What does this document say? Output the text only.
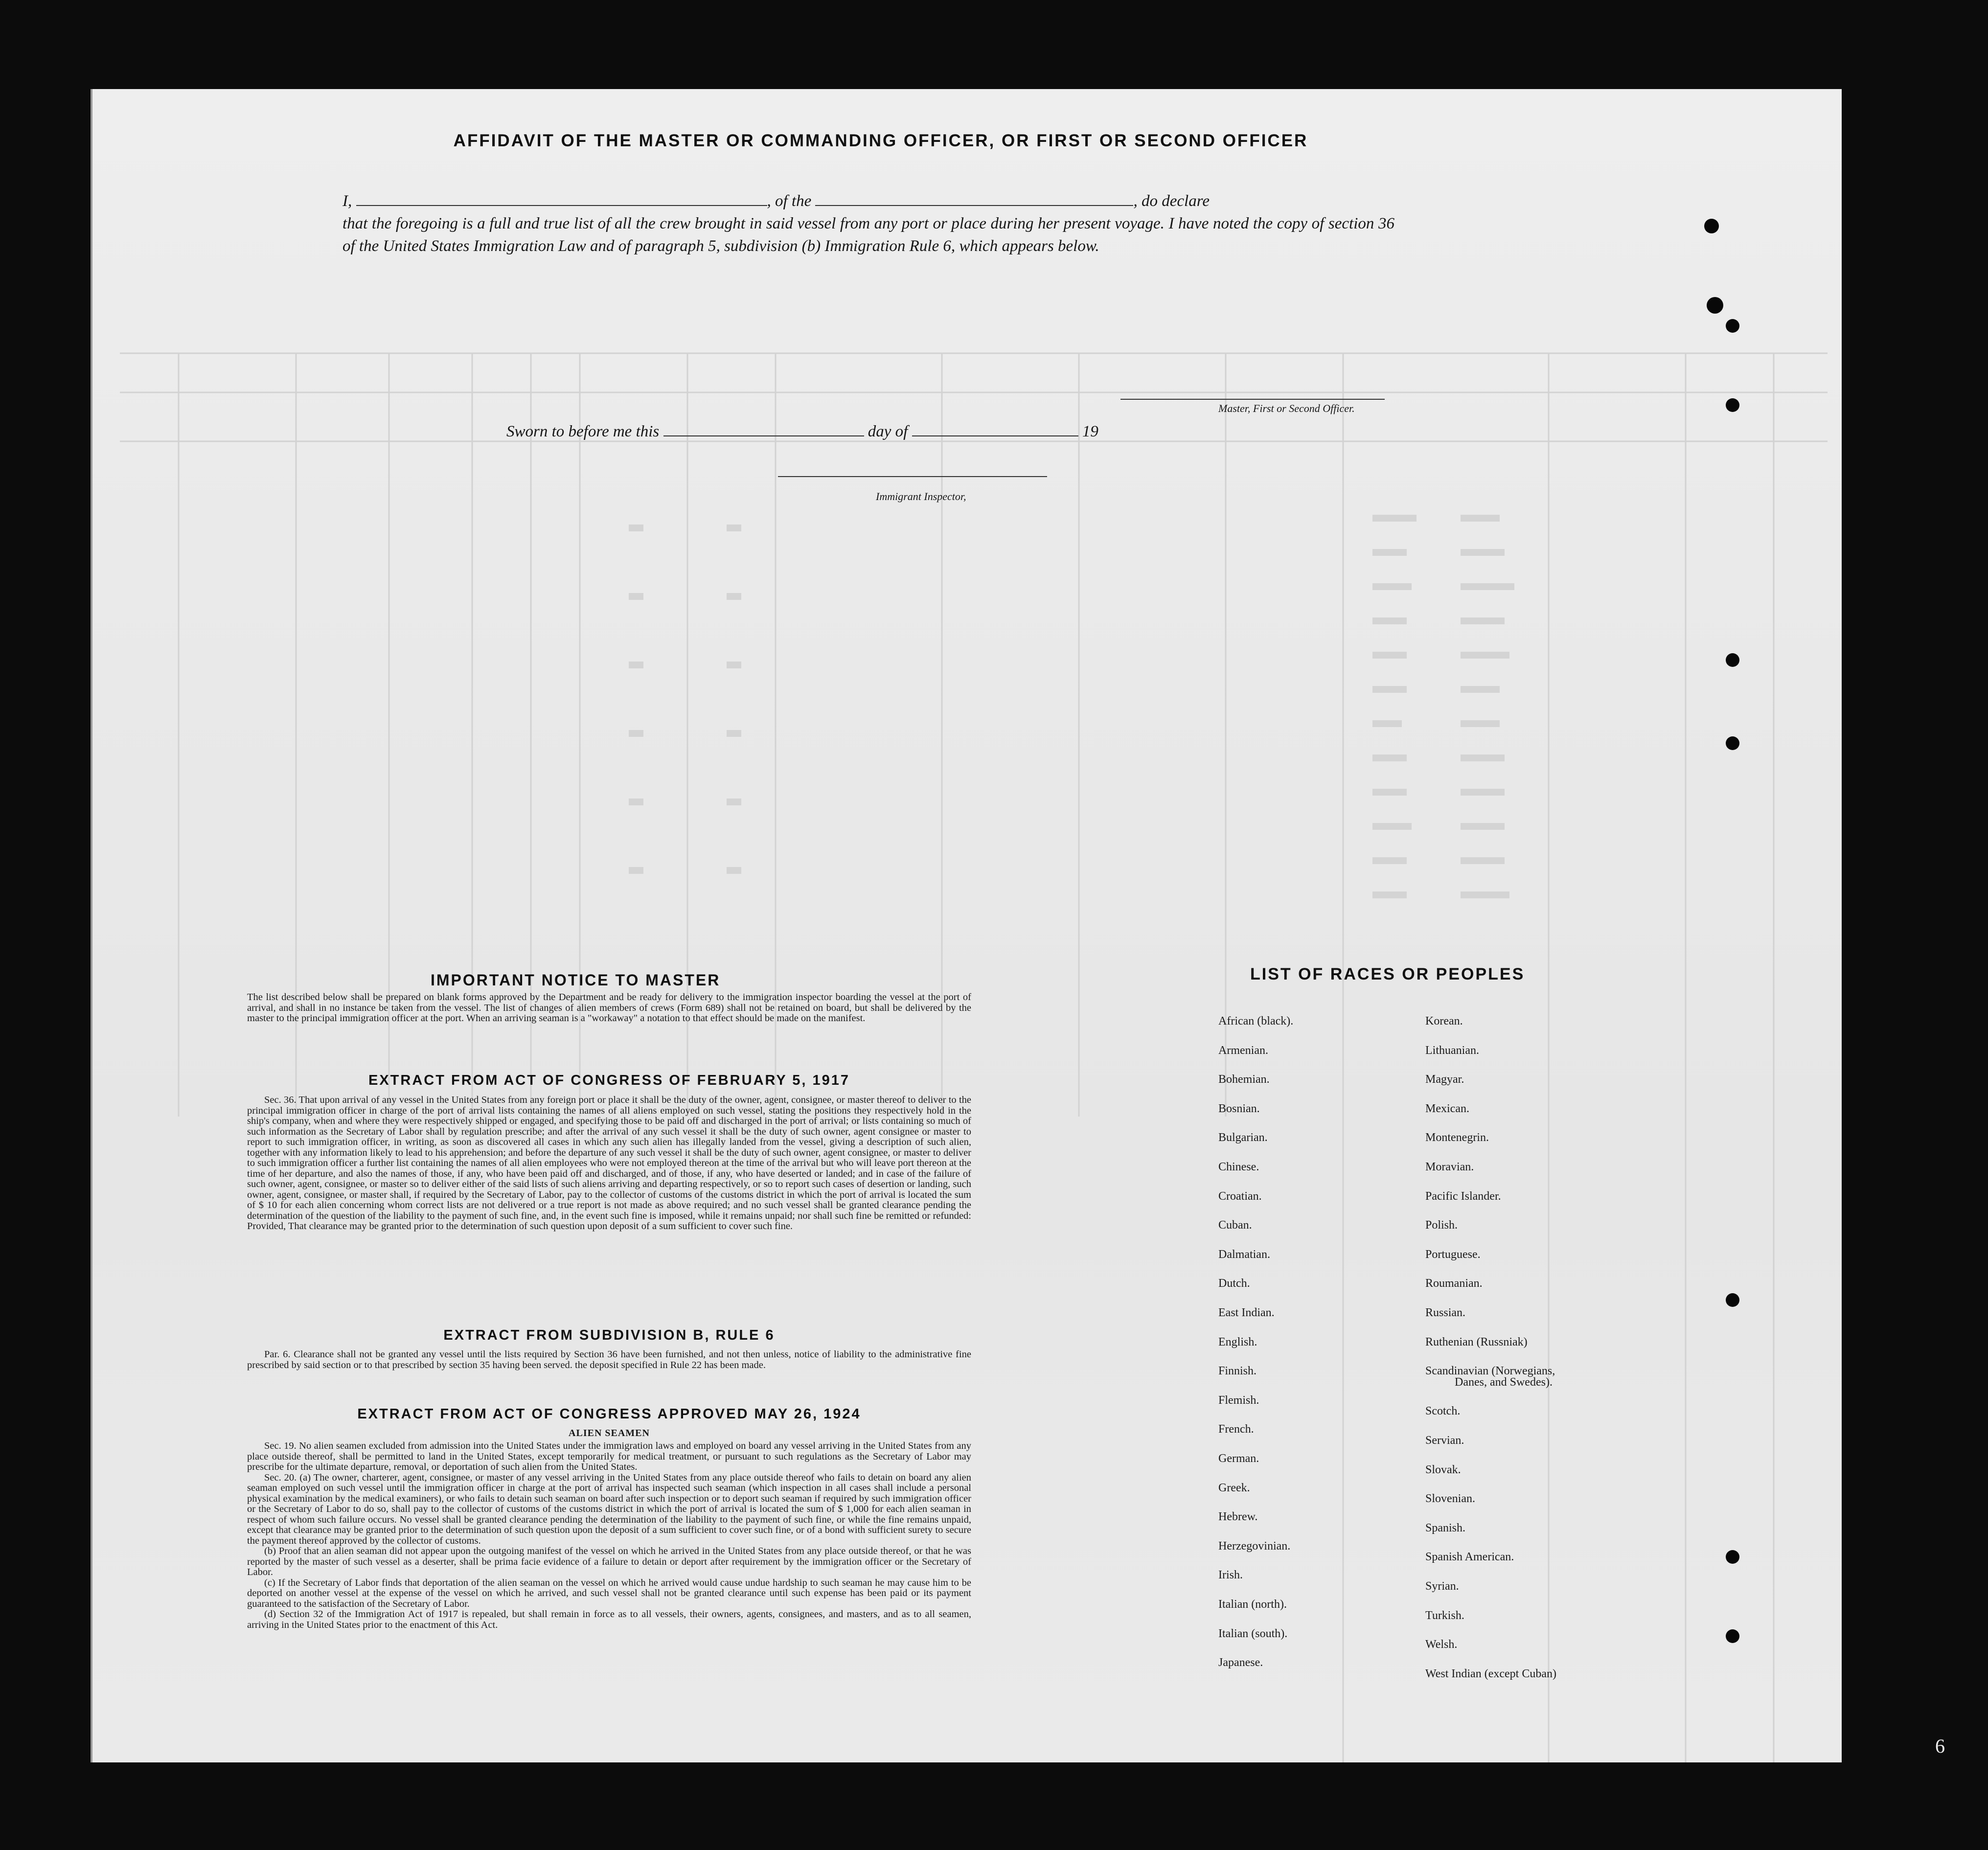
AFFIDAVIT OF THE MASTER OR COMMANDING OFFICER, OR FIRST OR SECOND OFFICER
I,	, of the	, do declare
that the foregoing is a full and true list of all the crew brought in said vessel from any port or place during her present voyage. I have noted the copy of section 36 of the United States Immigration Law and of paragraph 5, subdivision (b) Immigration Rule 6, which appears below.
Master, First or Second Officer.
Sworn to before me this	day of	19
Immigrant Inspector,
IMPORTANT NOTICE TO MASTER
The list described below shall be prepared on blank forms approved by the Department and be ready for delivery to the immigration inspector boarding the vessel at the port of arrival, and shall in no instance be taken from the vessel. The list of changes of alien members of crews (Form 689) shall not be retained on board, but shall be delivered by the master to the principal immigration officer at the port. When an arriving seaman is a "workaway" a notation to that effect should be made on the manifest.
EXTRACT FROM ACT OF CONGRESS OF FEBRUARY 5, 1917
Sec. 36. That upon arrival of any vessel in the United States from any foreign port or place it shall be the duty of the owner, agent, consignee, or master thereof to deliver to the principal immigration officer in charge of the port of arrival lists containing the names of all aliens employed on such vessel, stating the positions they respectively hold in the ship's company, when and where they were respectively shipped or engaged, and specifying those to be paid off and discharged in the port of arrival; or lists containing so much of such information as the Secretary of Labor shall by regulation prescribe; and after the arrival of any such vessel it shall be the duty of such owner, agent consignee or master to report to such immigration officer, in writing, as soon as discovered all cases in which any such alien has illegally landed from the vessel, giving a description of such alien, together with any information likely to lead to his apprehension; and before the departure of any such vessel it shall be the duty of such owner, agent consignee, or master to deliver to such immigration officer a further list containing the names of all alien employees who were not employed thereon at the time of the arrival but who will leave port thereon at the time of her departure, and also the names of those, if any, who have been paid off and discharged, and of those, if any, who have deserted or landed; and in case of the failure of such owner, agent, consignee, or master so to deliver either of the said lists of such aliens arriving and departing respectively, or so to report such cases of desertion or landing, such owner, agent, consignee, or master shall, if required by the Secretary of Labor, pay to the collector of customs of the customs district in which the port of arrival is located the sum of $ 10 for each alien concerning whom correct lists are not delivered or a true report is not made as above required; and no such vessel shall be granted clearance pending the determination of the question of the liability to the payment of such fine, and, in the event such fine is imposed, while it remains unpaid; nor shall such fine be remitted or refunded: Provided, That clearance may be granted prior to the determination of such question upon deposit of a sum sufficient to cover such fine.
EXTRACT FROM SUBDIVISION B, RULE 6
Par. 6. Clearance shall not be granted any vessel until the lists required by Section 36 have been furnished, and not then unless, notice of liability to the administrative fine prescribed by said section or to that prescribed by section 35 having been served. the deposit specified in Rule 22 has been made.
EXTRACT FROM ACT OF CONGRESS APPROVED MAY 26, 1924
ALIEN SEAMEN

Sec. 19. No alien seamen excluded from admission into the United States under the immigration laws and employed on board any vessel arriving in the United States from any place outside thereof, shall be permitted to land in the United States, except temporarily for medical treatment, or pursuant to such regulations as the Secretary of Labor may prescribe for the ultimate departure, removal, or deportation of such alien from the United States.

Sec. 20. (a) The owner, charterer, agent, consignee, or master of any vessel arriving in the United States from any place outside thereof who fails to detain on board any alien seaman employed on such vessel until the immigration officer in charge at the port of arrival has inspected such seaman (which inspection in all cases shall include a personal physical examination by the medical examiners), or who fails to detain such seaman on board after such inspection or to deport such seaman if required by such immigration officer or the Secretary of Labor to do so, shall pay to the collector of customs of the customs district in which the port of arrival is located the sum of $ 1,000 for each alien seaman in respect of whom such failure occurs. No vessel shall be granted clearance pending the determination of the liability to the payment of such fine, or while the fine remains unpaid, except that clearance may be granted prior to the determination of such question upon the deposit of a sum sufficient to cover such fine, or of a bond with sufficient surety to secure the payment thereof approved by the collector of customs.

(b) Proof that an alien seaman did not appear upon the outgoing manifest of the vessel on which he arrived in the United States from any place outside thereof, or that he was reported by the master of such vessel as a deserter, shall be prima facie evidence of a failure to detain or deport after requirement by the immigration officer or the Secretary of Labor.

(c) If the Secretary of Labor finds that deportation of the alien seaman on the vessel on which he arrived would cause undue hardship to such seaman he may cause him to be deported on another vessel at the expense of the vessel on which he arrived, and such vessel shall not be granted clearance until such expense has been paid or its payment guaranteed to the satisfaction of the Secretary of Labor.

(d) Section 32 of the Immigration Act of 1917 is repealed, but shall remain in force as to all vessels, their owners, agents, consignees, and masters, and as to all seamen, arriving in the United States prior to the enactment of this Act.

LIST OF RACES OR PEOPLES
African (black).
Armenian.
Bohemian.
Bosnian.
Bulgarian.
Chinese.
Croatian.
Cuban.
Dalmatian.
Dutch.
East Indian.
English.
Finnish.
Flemish.
French.
German.
Greek.
Hebrew.
Herzegovinian.
Irish.
Italian (north).
Italian (south).
Japanese.
Korean.
Lithuanian.
Magyar.
Mexican.
Montenegrin.
Moravian.
Pacific Islander.
Polish.
Portuguese.
Roumanian.
Russian.
Ruthenian (Russniak)
Scandinavian (Norwegians,
Danes, and Swedes).
Scotch.
Servian.
Slovak.
Slovenian.
Spanish.
Spanish American.
Syrian.
Turkish.
Welsh.
West Indian (except Cuban)
6
